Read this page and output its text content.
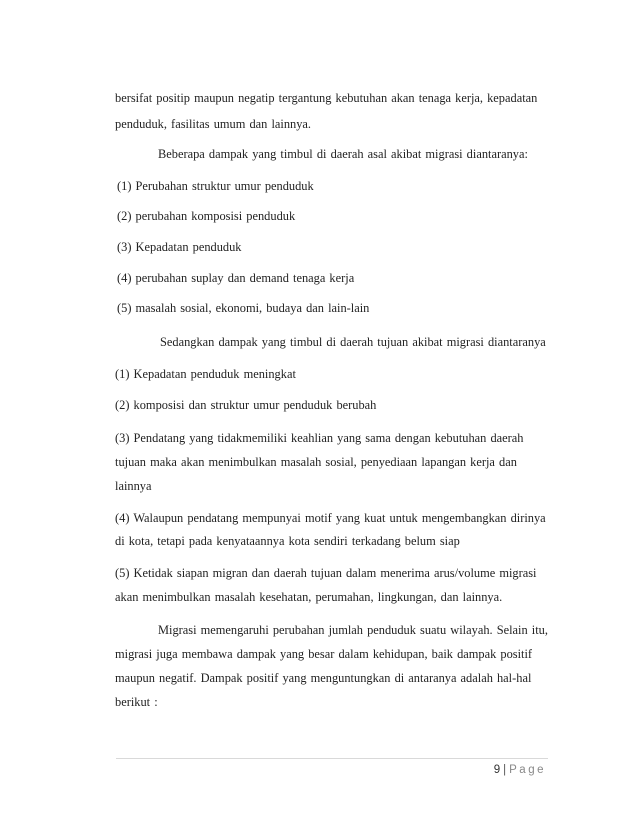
bersifat positip maupun negatip tergantung kebutuhan akan tenaga kerja, kepadatan
penduduk, fasilitas umum dan lainnya.
Beberapa dampak yang timbul di daerah asal akibat migrasi diantaranya:
(1) Perubahan struktur umur penduduk
(2) perubahan komposisi penduduk
(3) Kepadatan penduduk
(4) perubahan suplay dan demand tenaga kerja
(5) masalah sosial, ekonomi, budaya dan lain-lain
Sedangkan dampak yang timbul di daerah tujuan akibat migrasi diantaranya
(1) Kepadatan penduduk meningkat
(2) komposisi dan struktur umur penduduk berubah
(3) Pendatang yang tidakmemiliki keahlian yang sama dengan kebutuhan daerah
tujuan maka akan menimbulkan masalah sosial, penyediaan lapangan kerja dan
lainnya
(4) Walaupun pendatang mempunyai motif yang kuat untuk mengembangkan dirinya
di kota, tetapi pada kenyataannya kota sendiri terkadang belum siap
(5) Ketidak siapan migran dan daerah tujuan dalam menerima arus/volume migrasi
akan menimbulkan masalah kesehatan, perumahan, lingkungan, dan lainnya.
Migrasi memengaruhi perubahan jumlah penduduk suatu wilayah. Selain itu,
migrasi juga membawa dampak yang besar dalam kehidupan, baik dampak positif
maupun negatif. Dampak positif yang menguntungkan di antaranya adalah hal-hal
berikut :
9 | Page
